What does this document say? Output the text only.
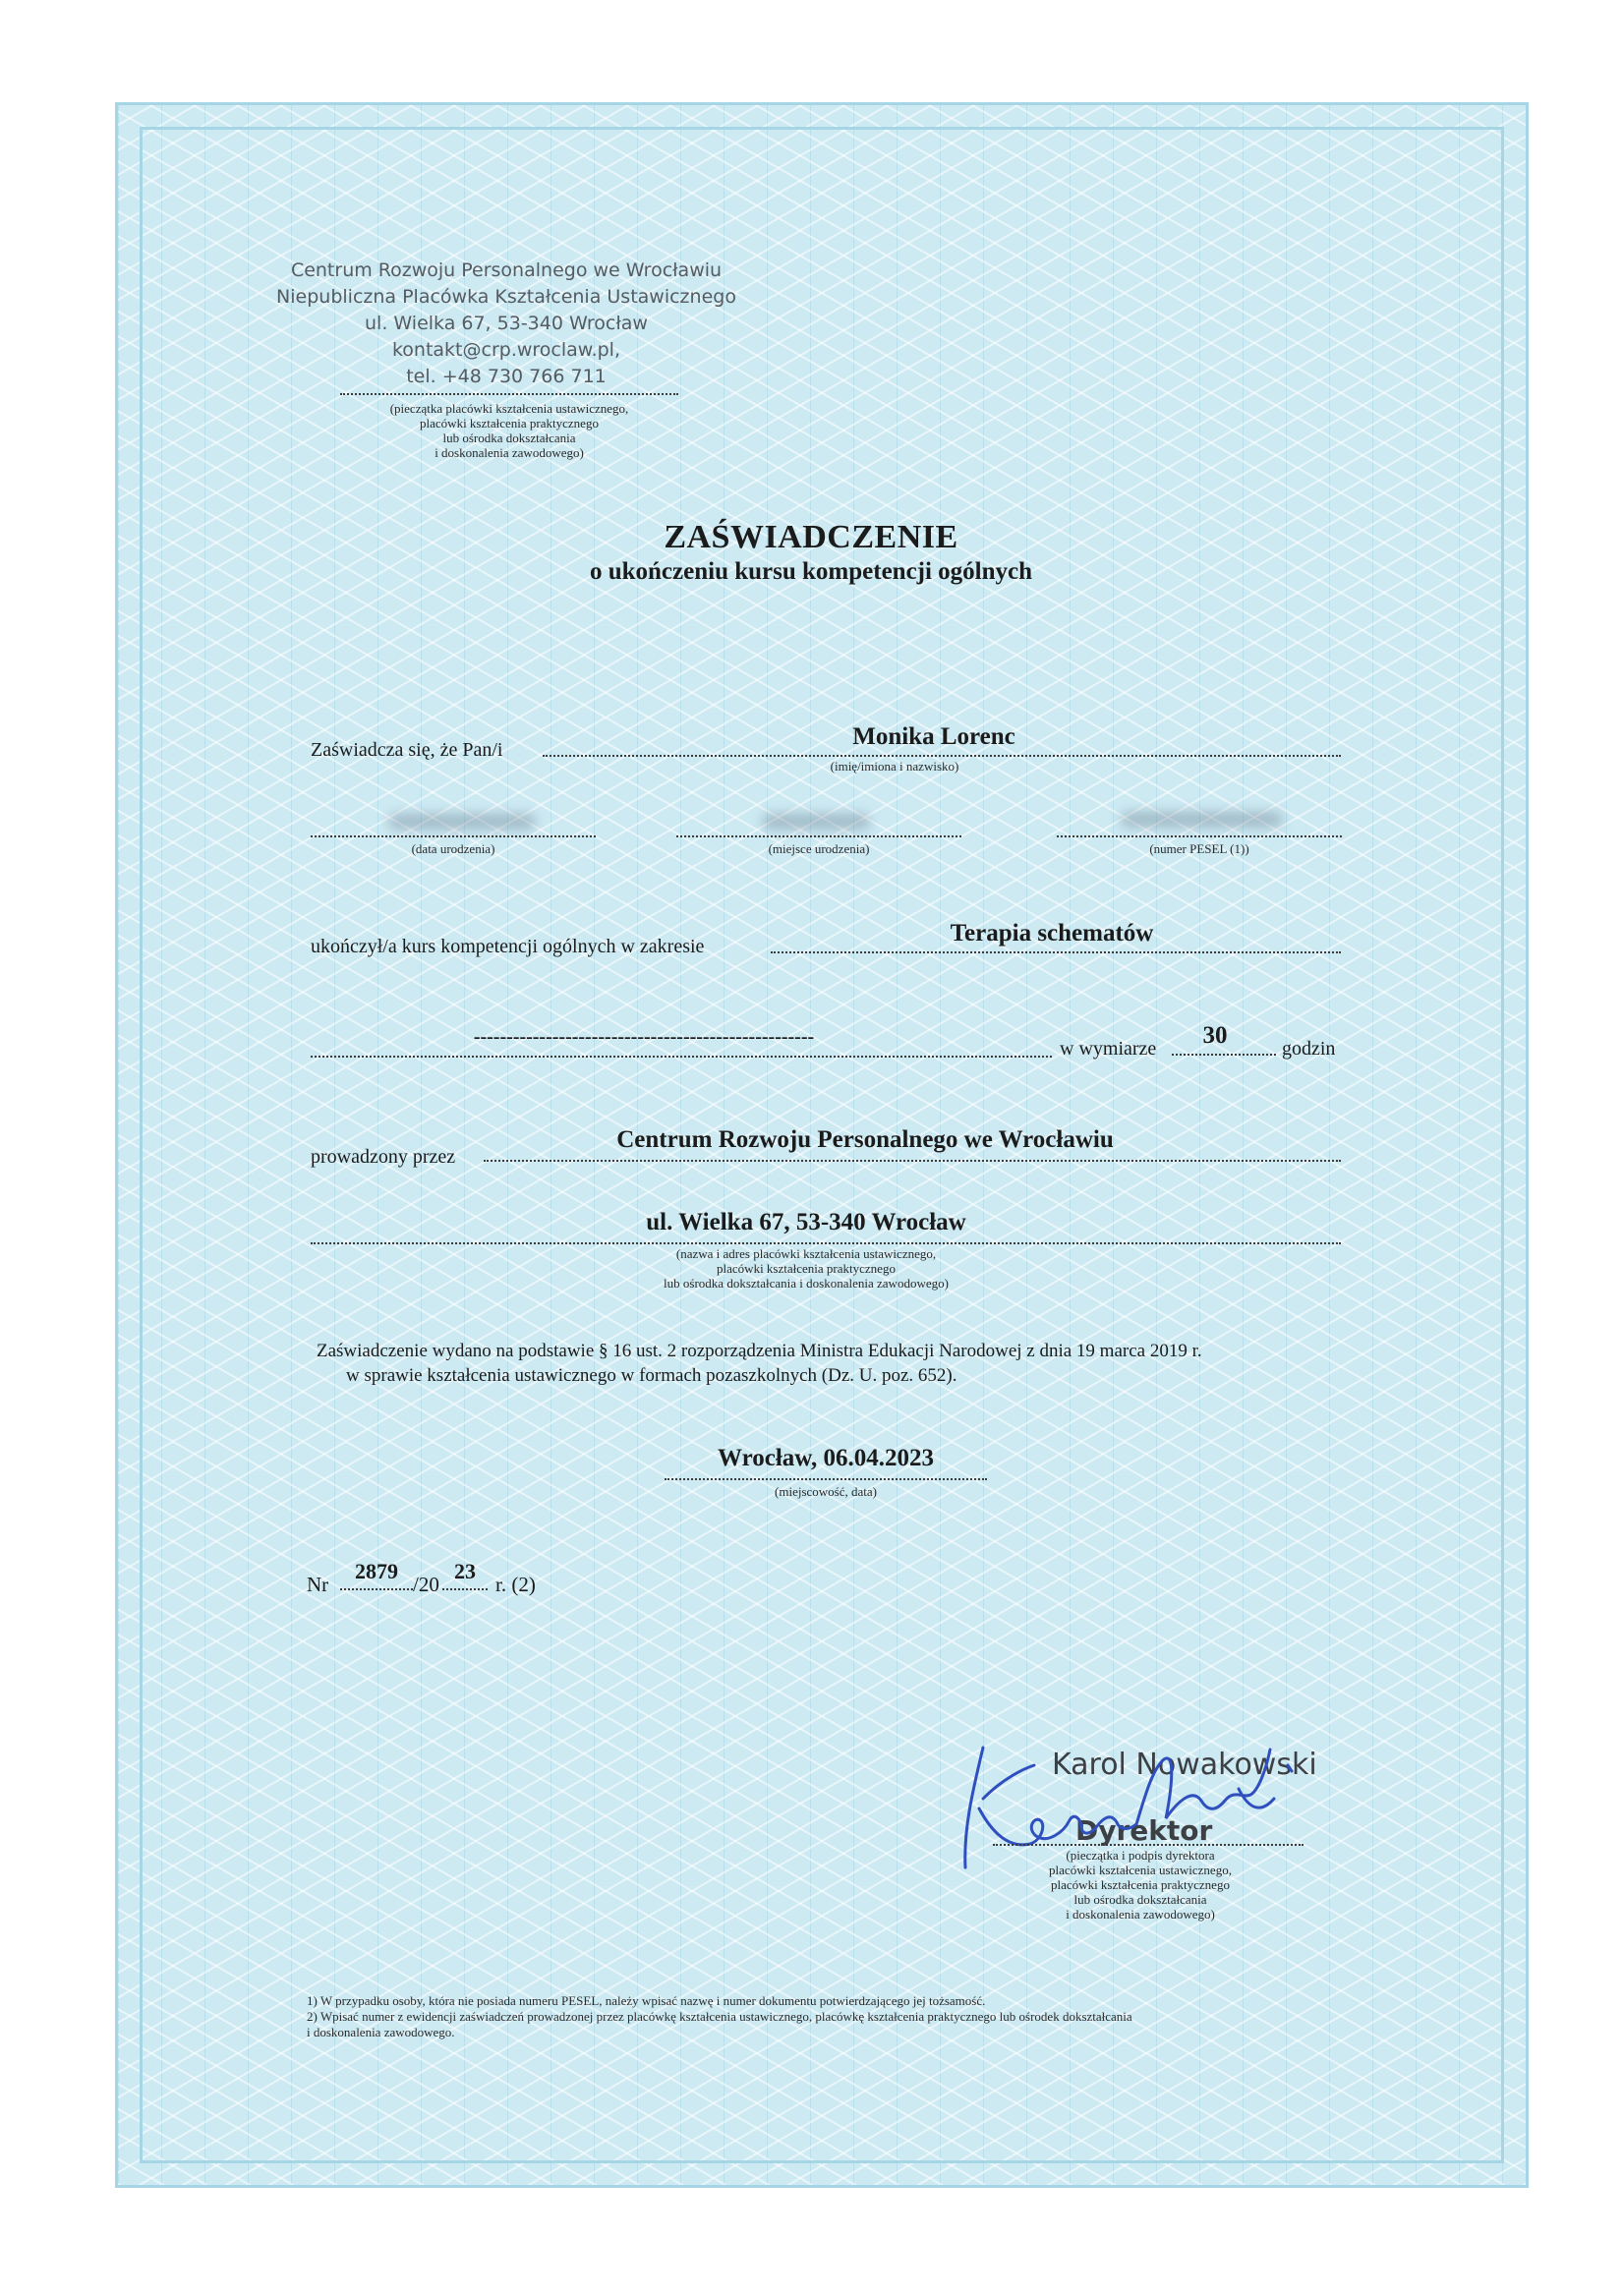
Centrum Rozwoju Personalnego we Wrocławiu
Niepubliczna Placówka Kształcenia Ustawicznego
ul. Wielka 67, 53-340 Wrocław
kontakt@crp.wroclaw.pl,
tel. +48 730 766 711
(pieczątka placówki kształcenia ustawicznego,
placówki kształcenia praktycznego
lub ośrodka dokształcania
i doskonalenia zawodowego)
ZAŚWIADCZENIE
o ukończeniu kursu kompetencji ogólnych
Zaświadcza się, że Pan/i	Monika Lorenc
(imię/imiona i nazwisko)
(data urodzenia)	(miejsce urodzenia)	(numer PESEL (1))
ukończył/a kurs kompetencji ogólnych w zakresie	Terapia schematów
----------------------------------------------------
w wymiarze	30	godzin
prowadzony przez
Centrum Rozwoju Personalnego we Wrocławiu
ul. Wielka 67, 53-340 Wrocław
(nazwa i adres placówki kształcenia ustawicznego,
placówki kształcenia praktycznego
lub ośrodka dokształcania i doskonalenia zawodowego)
Zaświadczenie wydano na podstawie § 16 ust. 2 rozporządzenia Ministra Edukacji Narodowej z dnia 19 marca 2019 r.
w sprawie kształcenia ustawicznego w formach pozaszkolnych (Dz. U. poz. 652).
Wrocław, 06.04.2023
(miejscowość, data)
Nr
2879
/20
23
r. (2)
Karol Nowakowski
Dyrektor
(pieczątka i podpis dyrektora
placówki kształcenia ustawicznego,
placówki kształcenia praktycznego
lub ośrodka dokształcania
i doskonalenia zawodowego)
1) W przypadku osoby, która nie posiada numeru PESEL, należy wpisać nazwę i numer dokumentu potwierdzającego jej tożsamość.
2) Wpisać numer z ewidencji zaświadczeń prowadzonej przez placówkę kształcenia ustawicznego, placówkę kształcenia praktycznego lub ośrodek dokształcania
i doskonalenia zawodowego.
